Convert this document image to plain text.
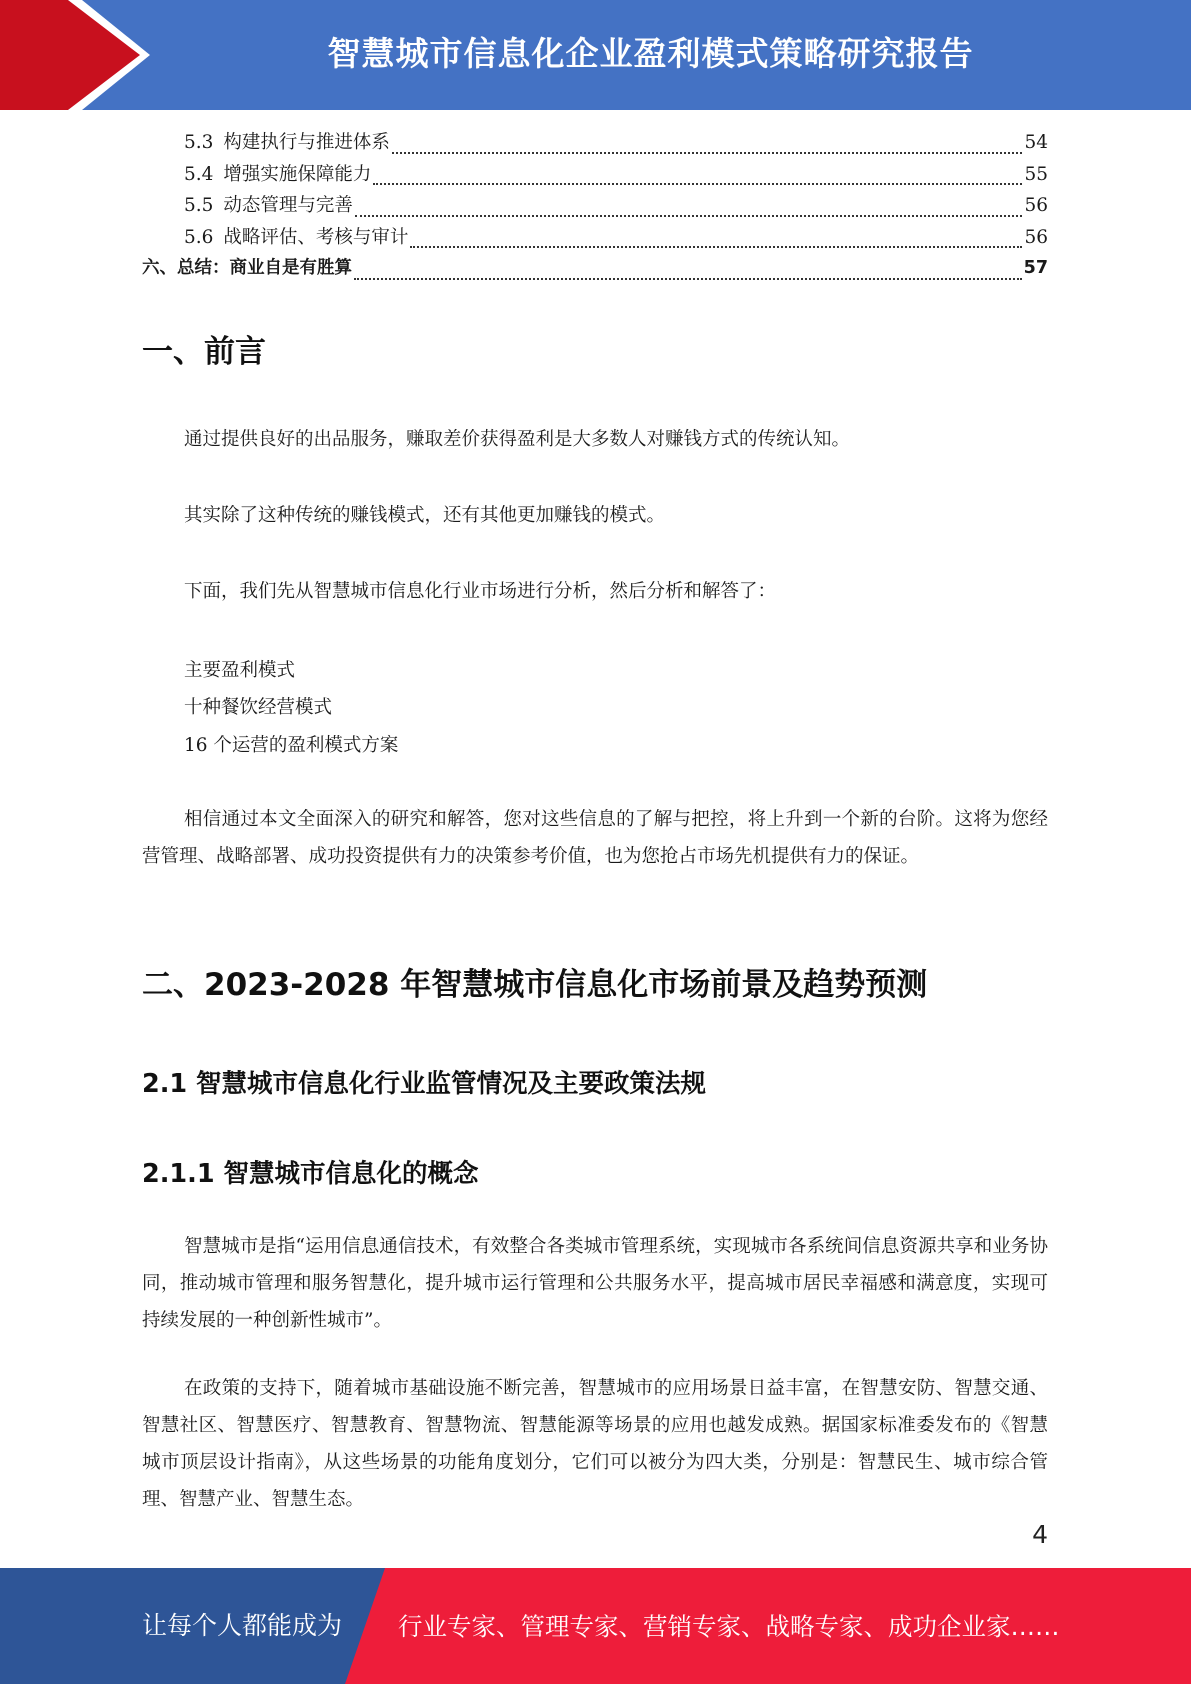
智慧城市信息化企业盈利模式策略研究报告
5.3 构建执行与推进体系	54
5.4 增强实施保障能力	55
5.5 动态管理与完善	56
5.6 战略评估、考核与审计	56
六、总结：商业自是有胜算	57
一、前言

通过提供良好的出品服务，赚取差价获得盈利是大多数人对赚钱方式的传统认知。

其实除了这种传统的赚钱模式，还有其他更加赚钱的模式。

下面，我们先从智慧城市信息化行业市场进行分析，然后分析和解答了：

主要盈利模式
十种餐饮经营模式
16 个运营的盈利模式方案

相信通过本文全面深入的研究和解答，您对这些信息的了解与把控，将上升到一个新的台阶。这将为您经营管理、战略部署、成功投资提供有力的决策参考价值，也为您抢占市场先机提供有力的保证。

二、2023-2028 年智慧城市信息化市场前景及趋势预测
2.1 智慧城市信息化行业监管情况及主要政策法规
2.1.1 智慧城市信息化的概念

智慧城市是指“运用信息通信技术，有效整合各类城市管理系统，实现城市各系统间信息资源共享和业务协同，推动城市管理和服务智慧化，提升城市运行管理和公共服务水平，提高城市居民幸福感和满意度，实现可持续发展的一种创新性城市”。

在政策的支持下，随着城市基础设施不断完善，智慧城市的应用场景日益丰富，在智慧安防、智慧交通、智慧社区、智慧医疗、智慧教育、智慧物流、智慧能源等场景的应用也越发成熟。据国家标准委发布的《智慧城市顶层设计指南》，从这些场景的功能角度划分，它们可以被分为四大类，分别是：智慧民生、城市综合管理、智慧产业、智慧生态。

4
让每个人都能成为 行业专家、管理专家、营销专家、战略专家、成功企业家……
